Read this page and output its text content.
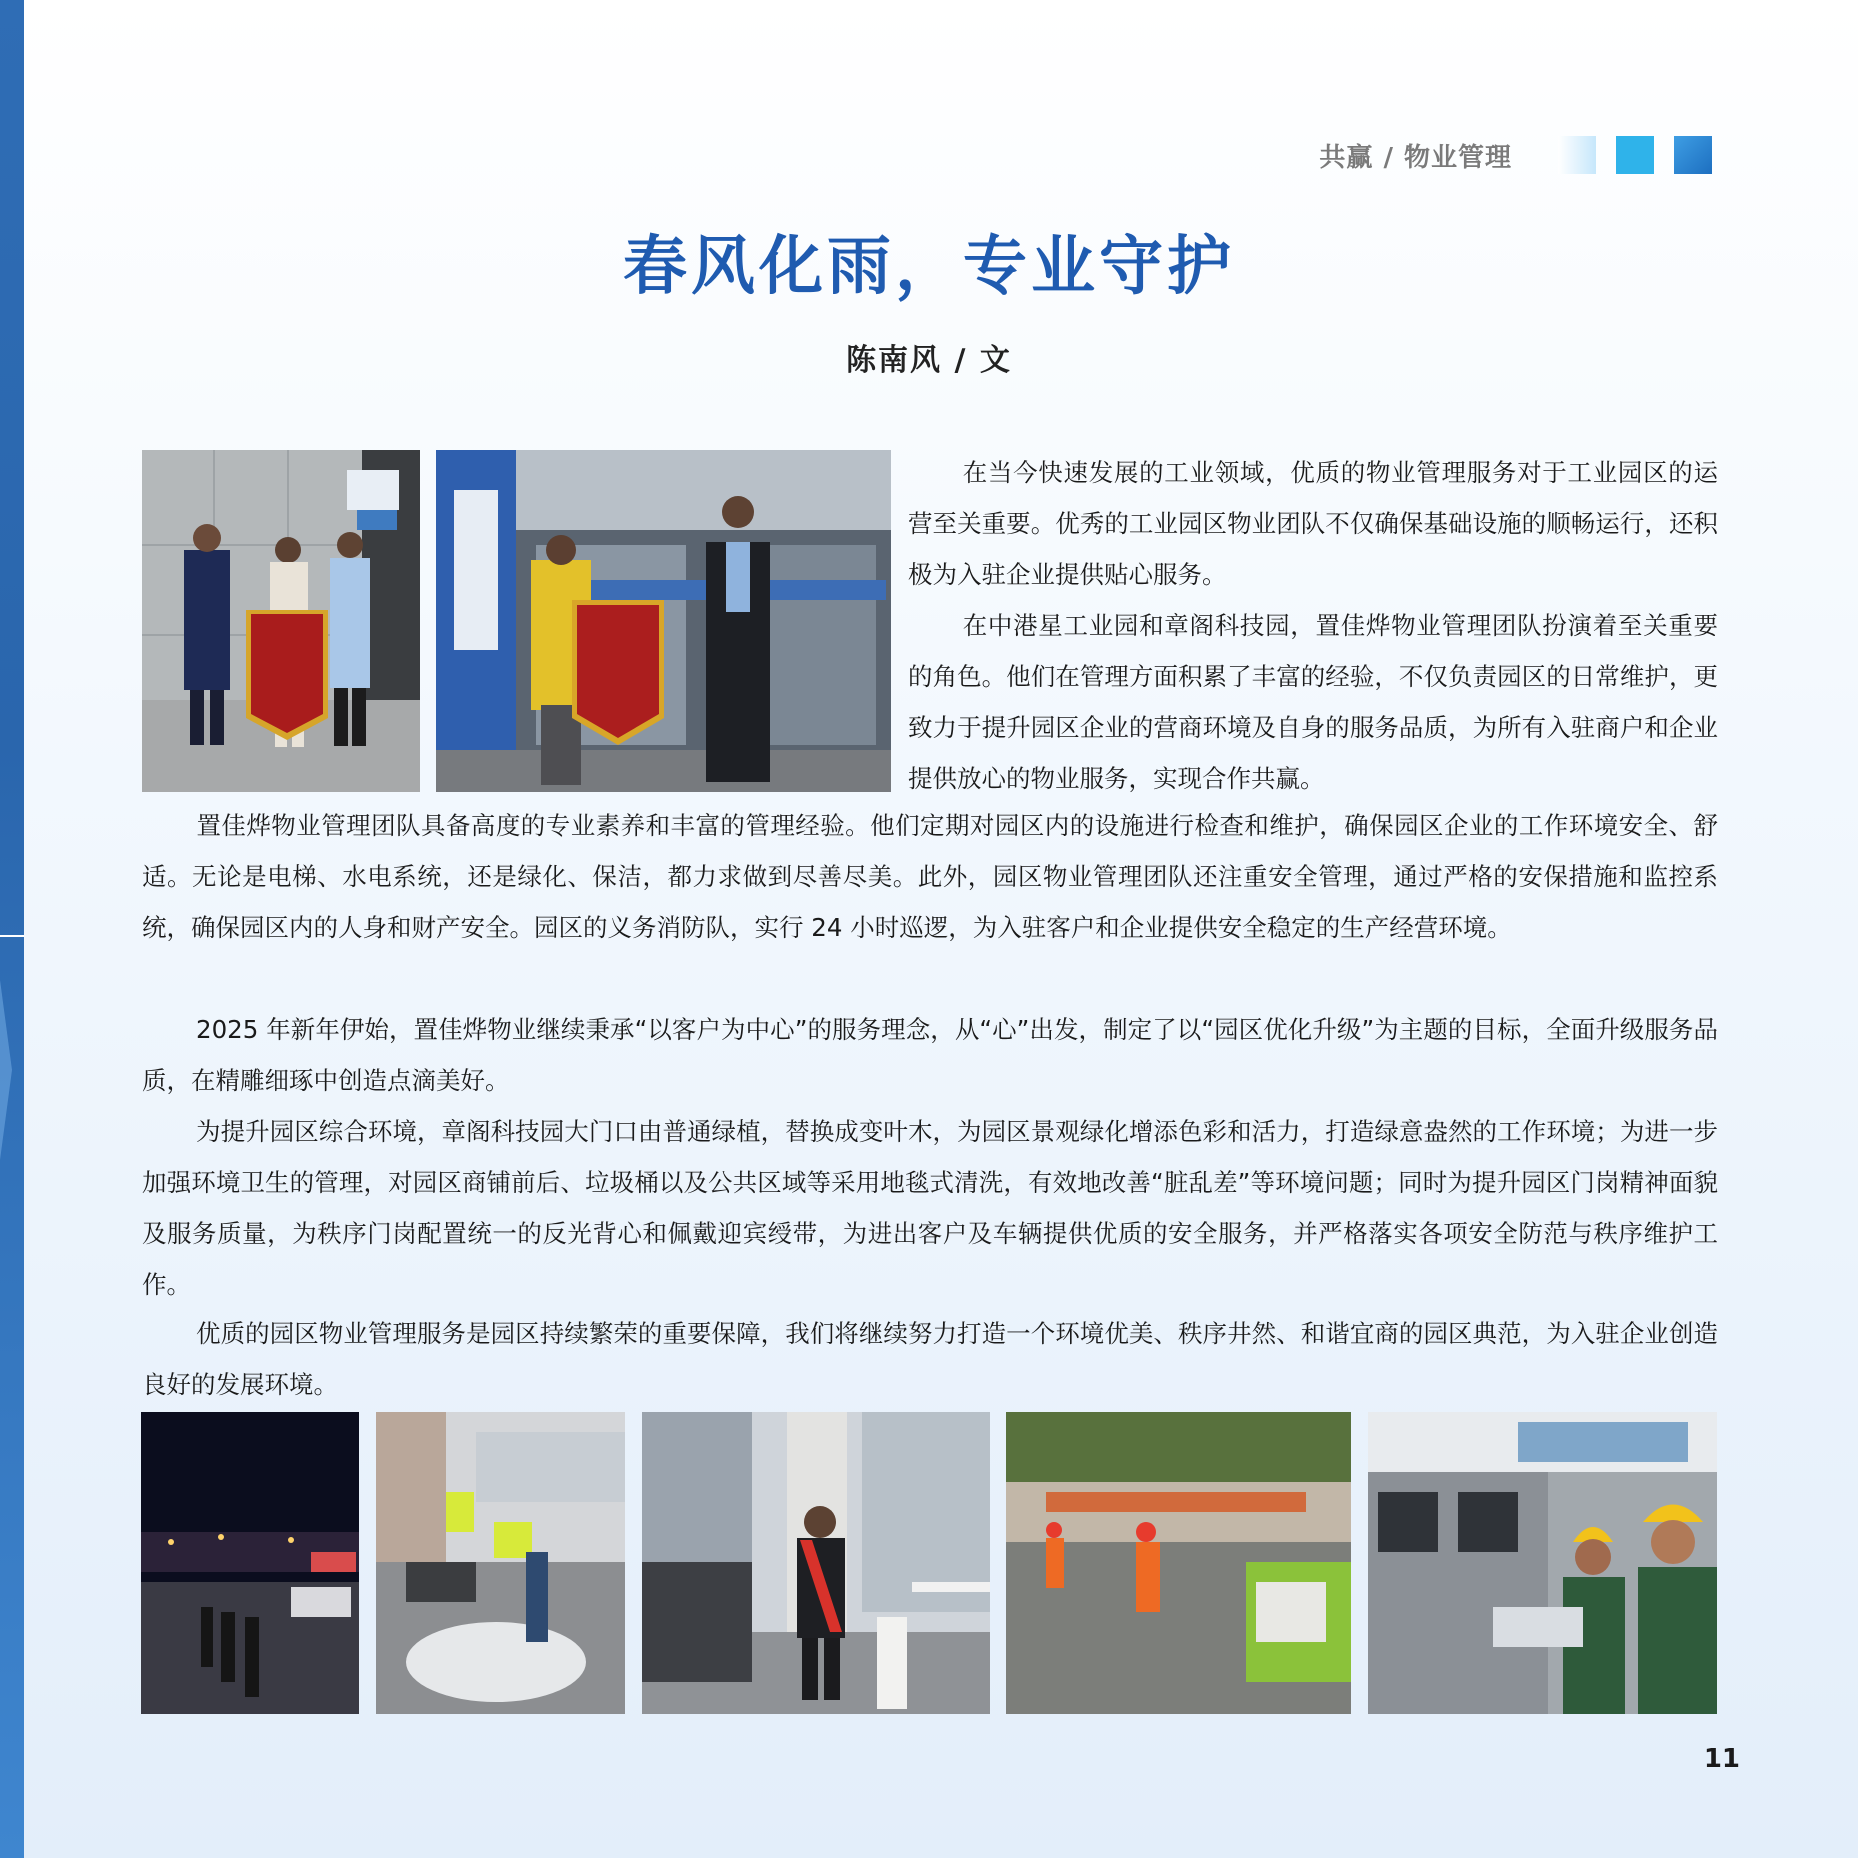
共赢 / 物业管理
春风化雨，专业守护
陈南风 / 文

在当今快速发展的工业领域，优质的物业管理服务对于工业园区的运营至关重要。优秀的工业园区物业团队不仅确保基础设施的顺畅运行，还积极为入驻企业提供贴心服务。

在中港星工业园和章阁科技园，置佳烨物业管理团队扮演着至关重要的角色。他们在管理方面积累了丰富的经验，不仅负责园区的日常维护，更致力于提升园区企业的营商环境及自身的服务品质，为所有入驻商户和企业提供放心的物业服务，实现合作共赢。

置佳烨物业管理团队具备高度的专业素养和丰富的管理经验。他们定期对园区内的设施进行检查和维护，确保园区企业的工作环境安全、舒适。无论是电梯、水电系统，还是绿化、保洁，都力求做到尽善尽美。此外，园区物业管理团队还注重安全管理，通过严格的安保措施和监控系统，确保园区内的人身和财产安全。园区的义务消防队，实行 24 小时巡逻，为入驻客户和企业提供安全稳定的生产经营环境。

2025 年新年伊始，置佳烨物业继续秉承“以客户为中心”的服务理念，从“心”出发，制定了以“园区优化升级”为主题的目标，全面升级服务品质，在精雕细琢中创造点滴美好。

为提升园区综合环境，章阁科技园大门口由普通绿植，替换成变叶木，为园区景观绿化增添色彩和活力，打造绿意盎然的工作环境；为进一步加强环境卫生的管理，对园区商铺前后、垃圾桶以及公共区域等采用地毯式清洗，有效地改善“脏乱差”等环境问题；同时为提升园区门岗精神面貌及服务质量，为秩序门岗配置统一的反光背心和佩戴迎宾绶带，为进出客户及车辆提供优质的安全服务，并严格落实各项安全防范与秩序维护工作。

优质的园区物业管理服务是园区持续繁荣的重要保障，我们将继续努力打造一个环境优美、秩序井然、和谐宜商的园区典范，为入驻企业创造良好的发展环境。

11
